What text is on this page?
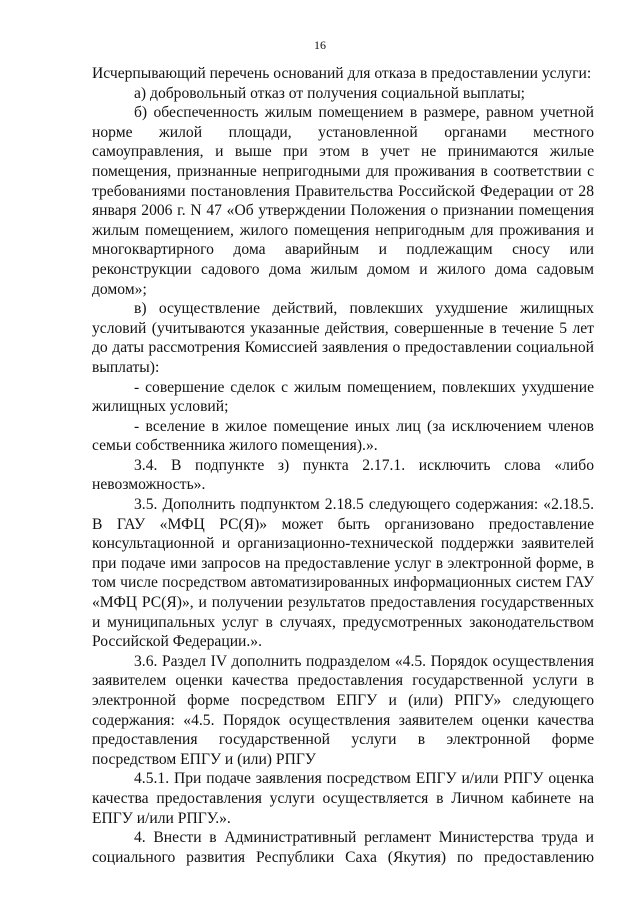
16

Исчерпывающий перечень оснований для отказа в предоставлении услуги:

а) добровольный отказ от получения социальной выплаты;

б) обеспеченность жилым помещением в размере, равном учетной норме жилой площади, установленной органами местного самоуправления, и выше при этом в учет не принимаются жилые помещения, признанные непригодными для проживания в соответствии с требованиями постановления Правительства Российской Федерации от 28 января 2006 г. N 47 «Об утверждении Положения о признании помещения жилым помещением, жилого помещения непригодным для проживания и многоквартирного дома аварийным и подлежащим сносу или реконструкции садового дома жилым домом и жилого дома садовым домом»;

в) осуществление действий, повлекших ухудшение жилищных условий (учитываются указанные действия, совершенные в течение 5 лет до даты рассмотрения Комиссией заявления о предоставлении социальной выплаты):

- совершение сделок с жилым помещением, повлекших ухудшение жилищных условий;

- вселение в жилое помещение иных лиц (за исключением членов семьи собственника жилого помещения).».

3.4. В подпункте з) пункта 2.17.1. исключить слова «либо невозможность».

3.5. Дополнить подпунктом 2.18.5 следующего содержания: «2.18.5. В ГАУ «МФЦ РС(Я)» может быть организовано предоставление консультационной и организационно-технической поддержки заявителей при подаче ими запросов на предоставление услуг в электронной форме, в том числе посредством автоматизированных информационных систем ГАУ «МФЦ РС(Я)», и получении результатов предоставления государственных и муниципальных услуг в случаях, предусмотренных законодательством Российской Федерации.».

3.6. Раздел IV дополнить подразделом «4.5. Порядок осуществления заявителем оценки качества предоставления государственной услуги в электронной форме посредством ЕПГУ и (или) РПГУ» следующего содержания: «4.5. Порядок осуществления заявителем оценки качества предоставления государственной услуги в электронной форме посредством ЕПГУ и (или) РПГУ

4.5.1. При подаче заявления посредством ЕПГУ и/или РПГУ оценка качества предоставления услуги осуществляется в Личном кабинете на ЕПГУ и/или РПГУ.».

4. Внести в Административный регламент Министерства труда и социального развития Республики Саха (Якутия) по предоставлению
